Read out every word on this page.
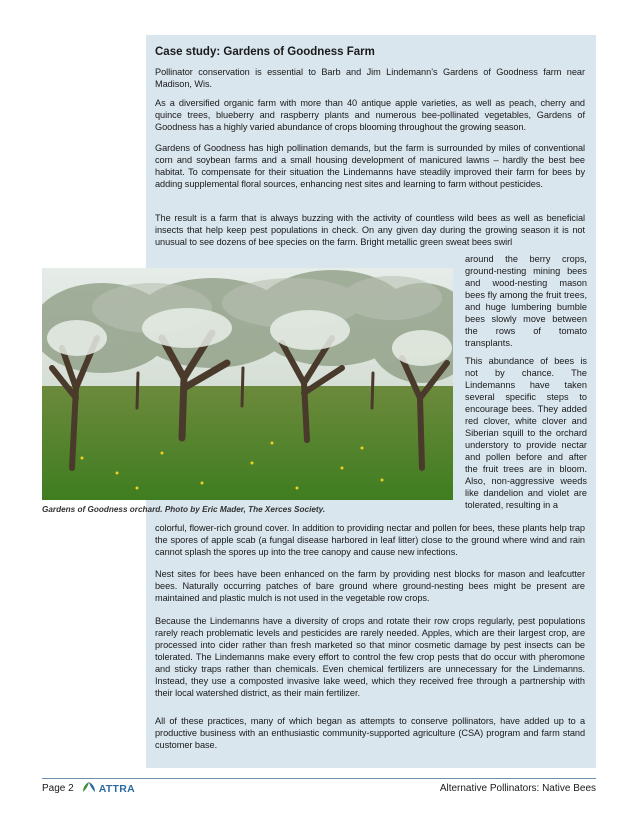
Case study: Gardens of Goodness Farm
Pollinator conservation is essential to Barb and Jim Lindemann’s Gardens of Goodness farm near Madison, Wis.
As a diversified organic farm with more than 40 antique apple varieties, as well as peach, cherry and quince trees, blueberry and raspberry plants and numerous bee-pollinated vegetables, Gardens of Goodness has a highly varied abundance of crops blooming throughout the growing season.
Gardens of Goodness has high pollination demands, but the farm is surrounded by miles of conventional corn and soybean farms and a small housing development of manicured lawns – hardly the best bee habitat. To compensate for their situation the Lindemanns have steadily improved their farm for bees by adding supplemental floral sources, enhancing nest sites and learning to farm without pesticides.
The result is a farm that is always buzzing with the activity of countless wild bees as well as beneficial insects that help keep pest populations in check. On any given day during the growing season it is not unusual to see dozens of bee species on the farm. Bright metallic green sweat bees swirl

around the berry crops, ground-nesting mining bees and wood-nesting mason bees fly among the fruit trees, and huge lumbering bumble bees slowly move between the rows of tomato transplants.

This abundance of bees is not by chance. The Lindemanns have taken several specific steps to encourage bees. They added red clover, white clover and Siberian squill to the orchard understory to provide nectar and pollen before and after the fruit trees are in bloom. Also, non-aggressive weeds like dandelion and violet are tolerated, resulting in a

Gardens of Goodness orchard. Photo by Eric Mader, The Xerces Society.
colorful, flower-rich ground cover. In addition to providing nectar and pollen for bees, these plants help trap the spores of apple scab (a fungal disease harbored in leaf litter) close to the ground where wind and rain cannot splash the spores up into the tree canopy and cause new infections.
Nest sites for bees have been enhanced on the farm by providing nest blocks for mason and leafcutter bees. Naturally occurring patches of bare ground where ground-nesting bees might be present are maintained and plastic mulch is not used in the vegetable row crops.
Because the Lindemanns have a diversity of crops and rotate their row crops regularly, pest populations rarely reach problematic levels and pesticides are rarely needed. Apples, which are their largest crop, are processed into cider rather than fresh marketed so that minor cosmetic damage by pest insects can be tolerated. The Lindemanns make every effort to control the few crop pests that do occur with pheromone and sticky traps rather than chemicals. Even chemical fertilizers are unnecessary for the Lindemanns. Instead, they use a composted invasive lake weed, which they received free through a partnership with their local watershed district, as their main fertilizer.
All of these practices, many of which began as attempts to conserve pollinators, have added up to a productive business with an enthusiastic community-supported agriculture (CSA) program and farm stand customer base.
Page 2 ATTRA	Alternative Pollinators: Native Bees
